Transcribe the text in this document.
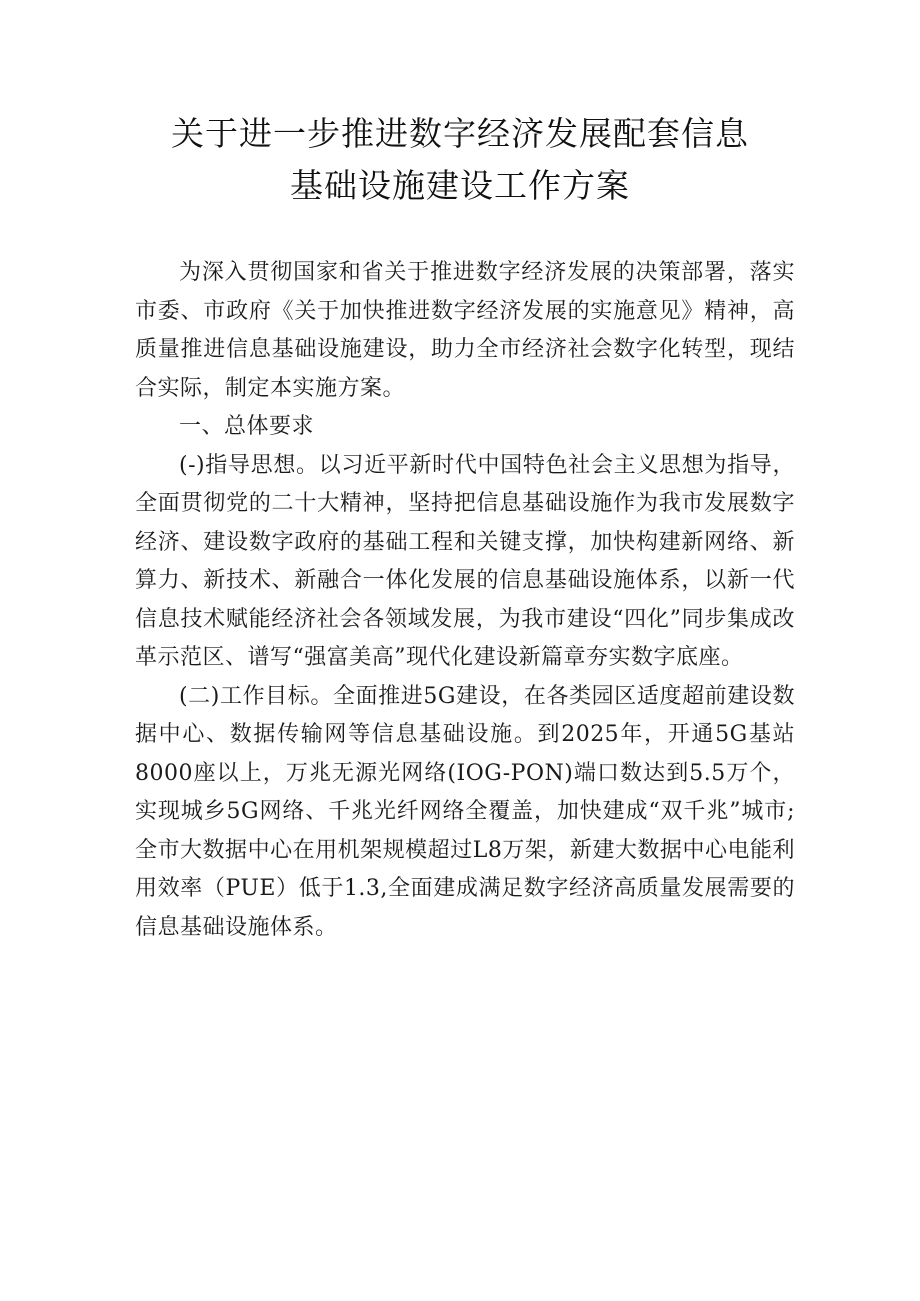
关于进一步推进数字经济发展配套信息
基础设施建设工作方案

为深入贯彻国家和省关于推进数字经济发展的决策部署，落实市委、市政府《关于加快推进数字经济发展的实施意见》精神，高质量推进信息基础设施建设，助力全市经济社会数字化转型，现结合实际，制定本实施方案。

一、总体要求

(-)指导思想。以习近平新时代中国特色社会主义思想为指导，全面贯彻党的二十大精神，坚持把信息基础设施作为我市发展数字经济、建设数字政府的基础工程和关键支撑，加快构建新网络、新算力、新技术、新融合一体化发展的信息基础设施体系，以新一代信息技术赋能经济社会各领域发展，为我市建设“四化”同步集成改革示范区、谱写“强富美高”现代化建设新篇章夯实数字底座。

(二)工作目标。全面推进5G建设，在各类园区适度超前建设数据中心、数据传输网等信息基础设施。到2025年，开通5G基站8000座以上，万兆无源光网络(IOG-PON)端口数达到5.5万个，实现城乡5G网络、千兆光纤网络全覆盖，加快建成“双千兆”城市;全市大数据中心在用机架规模超过L8万架，新建大数据中心电能利用效率（PUE）低于1.3,全面建成满足数字经济高质量发展需要的信息基础设施体系。
